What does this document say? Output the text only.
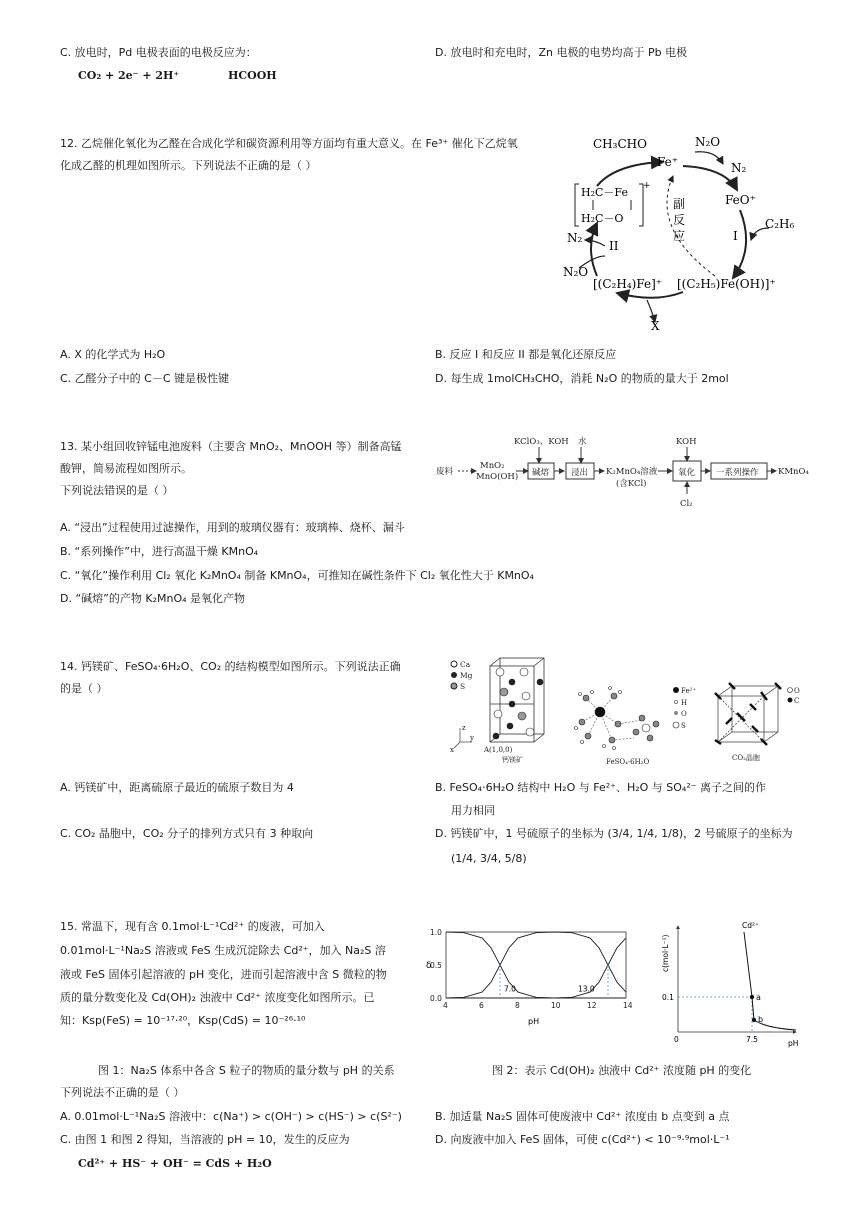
C. 放电时，Pd 电极表面的电极反应为：
CO₂ + 2e⁻ + 2H⁺	HCOOH
D. 放电时和充电时，Zn 电极的电势均高于 Pb 电极
12. 乙烷催化氧化为乙醛在合成化学和碳资源利用等方面均有重大意义。在 Fe³⁺ 催化下乙烷氧
化成乙醛的机理如图所示。下列说法不正确的是（ ）
CH₃CHO
Fe⁺
N₂O
N₂
FeO⁺
C₂H₆
I
副
反
应
H₂C－Fe
H₂C－O
+
N₂
II
N₂O
[(C₂H₄)Fe]⁺ [(C₂H₅)Fe(OH)]⁺
X
A. X 的化学式为 H₂O	B. 反应 I 和反应 II 都是氧化还原反应
C. 乙醛分子中的 C－C 键是极性键	D. 每生成 1molCH₃CHO，消耗 N₂O 的物质的量大于 2mol
13. 某小组回收锌锰电池废料（主要含 MnO₂、MnOOH 等）制备高锰
酸钾，简易流程如图所示。
下列说法错误的是（ ）
废料
MnO₂
MnO(OH)
KClO₃、KOH
碱熔
水
浸出 K₂MnO₄溶液
(含KCl)
KOH
氧化
Cl₂
一系列操作 KMnO₄
A. “浸出”过程使用过滤操作，用到的玻璃仪器有：玻璃棒、烧杯、漏斗
B. “系列操作”中，进行高温干燥 KMnO₄
C. “氧化”操作利用 Cl₂ 氧化 K₂MnO₄ 制备 KMnO₄，可推知在碱性条件下 Cl₂ 氧化性大于 KMnO₄
D. “碱熔”的产物 K₂MnO₄ 是氧化产物
14. 钙镁矿、FeSO₄·6H₂O、CO₂ 的结构模型如图所示。下列说法正确
的是（ ）
Ca
Mg
S
z
y
x	A(1,0,0)
钙镁矿
Fe²⁺
H
O
S
FeSO₄·6H₂O
O
C
CO₂晶胞
A. 钙镁矿中，距离硫原子最近的硫原子数目为 4	B. FeSO₄·6H₂O 结构中 H₂O 与 Fe²⁺、H₂O 与 SO₄²⁻ 离子之间的作
用力相同
C. CO₂ 晶胞中，CO₂ 分子的排列方式只有 3 种取向	D. 钙镁矿中，1 号硫原子的坐标为 (3/4, 1/4, 1/8)，2 号硫原子的坐标为
(1/4, 3/4, 5/8)
15. 常温下，现有含 0.1mol·L⁻¹Cd²⁺ 的废液，可加入
0.01mol·L⁻¹Na₂S 溶液或 FeS 生成沉淀除去 Cd²⁺，加入 Na₂S 溶
液或 FeS 固体引起溶液的 pH 变化，进而引起溶液中含 S 微粒的物
质的量分数变化及 Cd(OH)₂ 浊液中 Cd²⁺ 浓度变化如图所示。已
知：Ksp(FeS) = 10⁻¹⁷·²⁰，Ksp(CdS) = 10⁻²⁶·¹⁰
4	6	8	10	12	14
0.0
0.5
1.0
δ
pH
7.0	13.0
a
b
Cd²⁺
0.1
0	7.5	pH
c(mol·L⁻¹)
图 1：Na₂S 体系中各含 S 粒子的物质的量分数与 pH 的关系	图 2：表示 Cd(OH)₂ 浊液中 Cd²⁺ 浓度随 pH 的变化
下列说法不正确的是（ ）
A. 0.01mol·L⁻¹Na₂S 溶液中：c(Na⁺) > c(OH⁻) > c(HS⁻) > c(S²⁻)	B. 加适量 Na₂S 固体可使废液中 Cd²⁺ 浓度由 b 点变到 a 点
C. 由图 1 和图 2 得知，当溶液的 pH = 10，发生的反应为	D. 向废液中加入 FeS 固体，可使 c(Cd²⁺) < 10⁻⁹·⁹mol·L⁻¹
Cd²⁺ + HS⁻ + OH⁻ = CdS + H₂O
